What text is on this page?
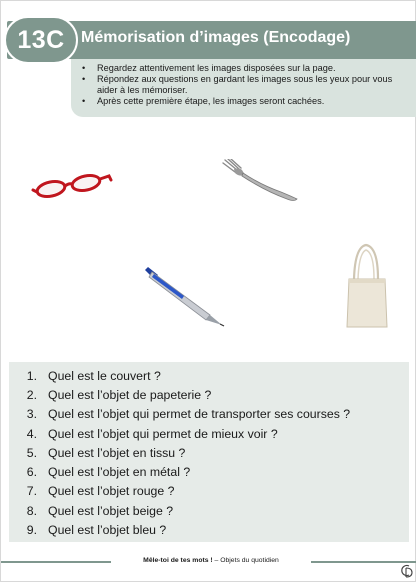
13C	Mémorisation d’images (Encodage)
• Regardez attentivement les images disposées sur la page.
• Répondez aux questions en gardant les images sous les yeux pour vous aider à les mémoriser.
• Après cette première étape, les images seront cachées.
1. Quel est le couvert ?
2. Quel est l’objet de papeterie ?
3. Quel est l’objet qui permet de transporter ses courses ?
4. Quel est l’objet qui permet de mieux voir ?
5. Quel est l’objet en tissu ?
6. Quel est l’objet en métal ?
7. Quel est l’objet rouge ?
8. Quel est l’objet beige ?
9. Quel est l’objet bleu ?
Mêle-toi de tes mots ! – Objets du quotidien
